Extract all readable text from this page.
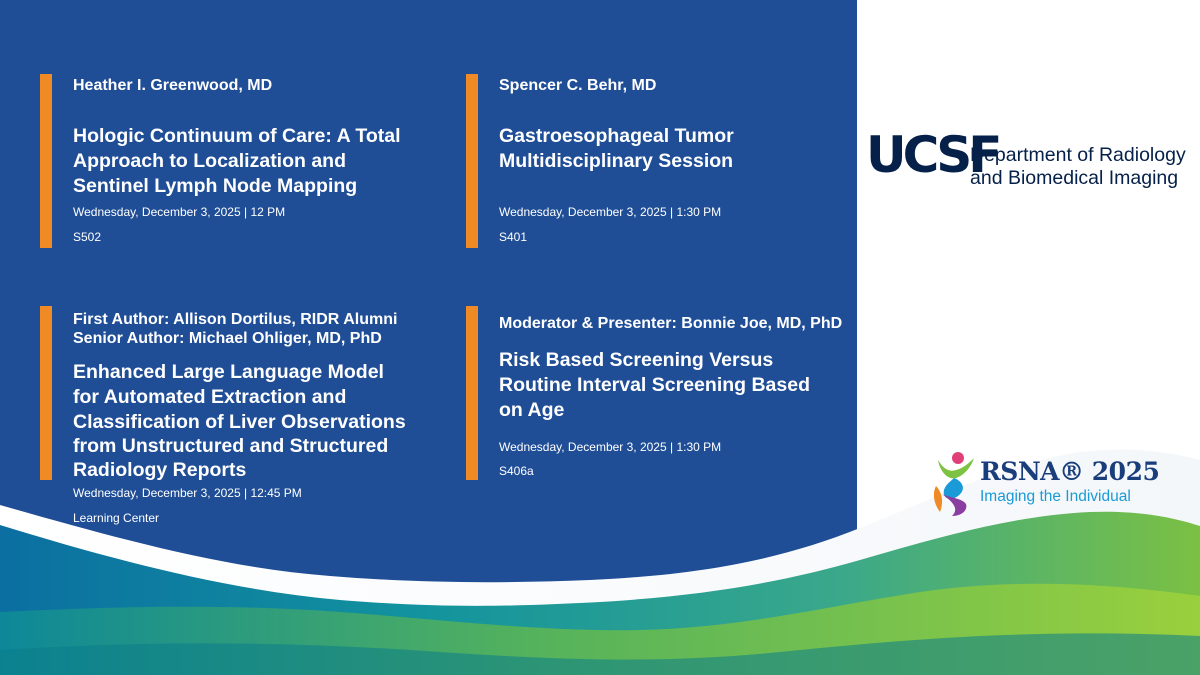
Heather I. Greenwood, MD
Hologic Continuum of Care: A Total
Approach to Localization and
Sentinel Lymph Node Mapping
Wednesday, December 3, 2025 | 12 PM
S502
Spencer C. Behr, MD
Gastroesophageal Tumor
Multidisciplinary Session
Wednesday, December 3, 2025 | 1:30 PM
S401
First Author: Allison Dortilus, RIDR Alumni
Senior Author: Michael Ohliger, MD, PhD
Enhanced Large Language Model
for Automated Extraction and
Classification of Liver Observations
from Unstructured and Structured
Radiology Reports
Wednesday, December 3, 2025 | 12:45 PM
Learning Center
Moderator & Presenter: Bonnie Joe, MD, PhD
Risk Based Screening Versus
Routine Interval Screening Based
on Age
Wednesday, December 3, 2025 | 1:30 PM
S406a
UCSF
Department of Radiology
and Biomedical Imaging
RSNA® 2025
Imaging the Individual
